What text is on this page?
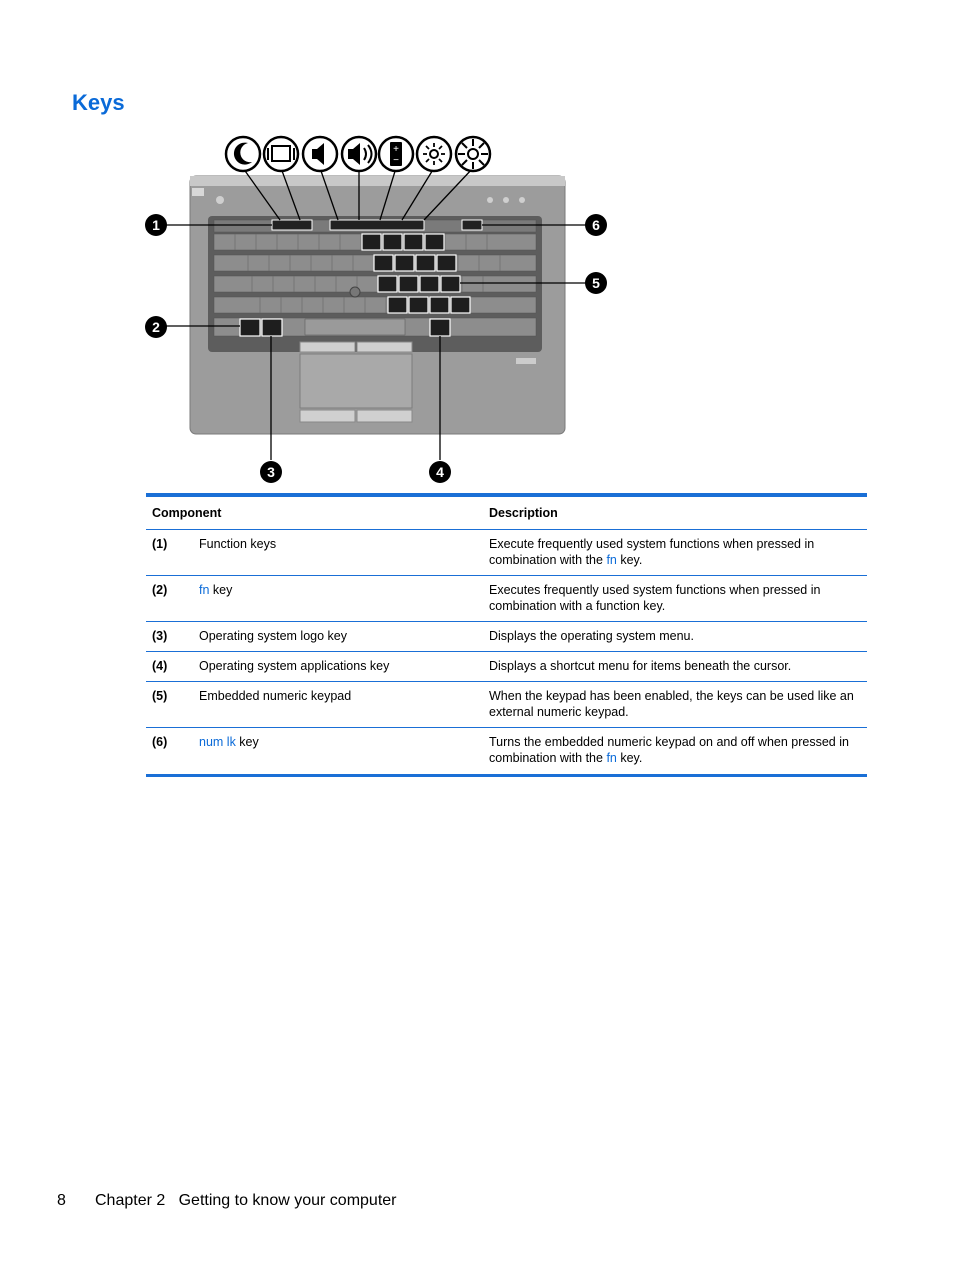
Keys
+
−
1
2
3	4
5
6
Component		Description
(1)	Function keys	Execute frequently used system functions when pressed in combination with the fn key.
(2)	fn key	Executes frequently used system functions when pressed in combination with a function key.
(3)	Operating system logo key	Displays the operating system menu.
(4)	Operating system applications key	Displays a shortcut menu for items beneath the cursor.
(5)	Embedded numeric keypad	When the keypad has been enabled, the keys can be used like an external numeric keypad.
(6)	num lk key	Turns the embedded numeric keypad on and off when pressed in combination with the fn key.
8 Chapter 2   Getting to know your computer
